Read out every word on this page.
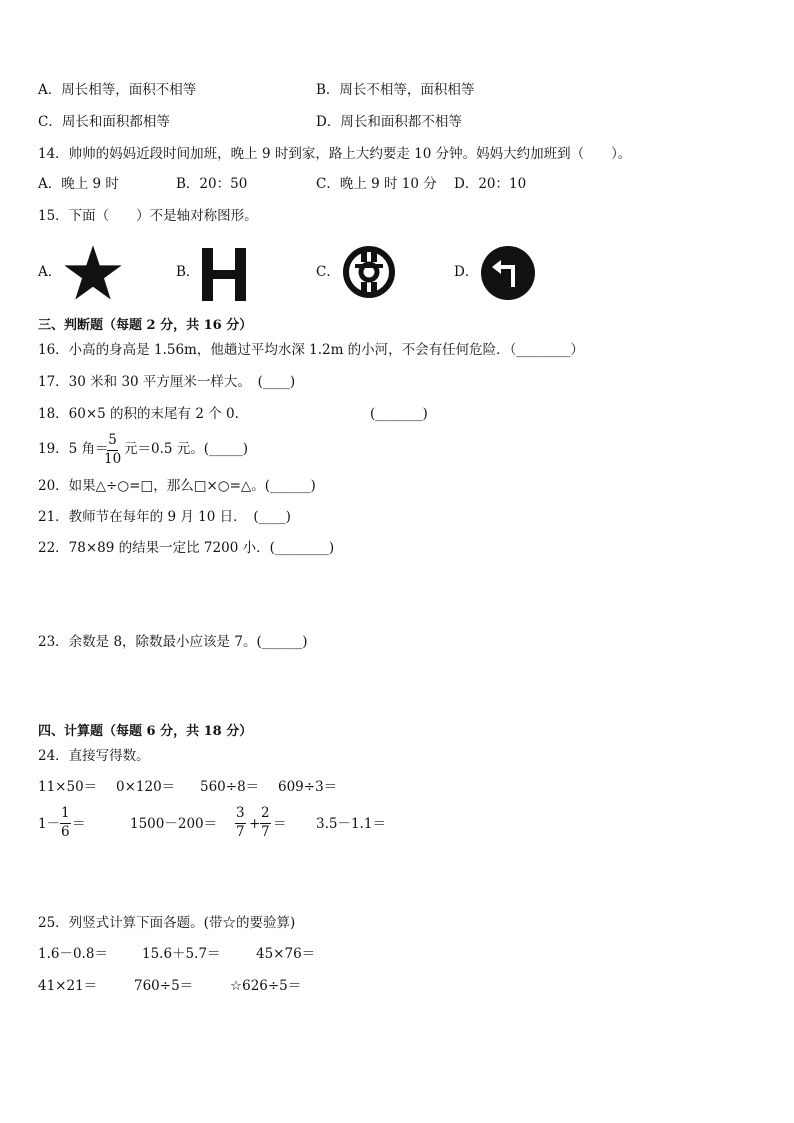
A．周长相等，面积不相等	B．周长不相等，面积相等
C．周长和面积都相等	D．周长和面积都不相等
14．帅帅的妈妈近段时间加班，晚上 9 时到家，路上大约要走 10 分钟。妈妈大约加班到（　　）。
A．晚上 9 时	B．20：50	C．晚上 9 时 10 分 D．20：10
15．下面（　　）不是轴对称图形。
A．	B．	C．	D．
三、判断题（每题 2 分，共 16 分）
16．小高的身高是 1.56m，他趟过平均水深 1.2m 的小河，不会有任何危险．（________）
17．30 米和 30 平方厘米一样大。　(____)
18．60×5 的积的末尾有 2 个 0.	(_______)
19．5 角＝
$\frac{5}{10}$ 元＝0.5 元。(_____)
20．如果△÷○=□，那么□×○=△。(______)
21．教师节在每年的 9 月 10 日．　(____)
22．78×89 的结果一定比 7200 小．(________)
23．余数是 8，除数最小应该是 7。(______)
四、计算题（每题 6 分，共 18 分）
24．直接写得数。
11×50＝ 0×120＝ 560÷8＝ 609÷3＝
$1- \frac{1}{6}$ ＝	$1500-200= \frac{3}{7} + \frac{2}{7} = 3.5-1.1=$
25．列竖式计算下面各题。(带☆的要验算)
1.6－0.8＝	15.6＋5.7＝	45×76＝
41×21＝	760÷5＝	☆626÷5＝
